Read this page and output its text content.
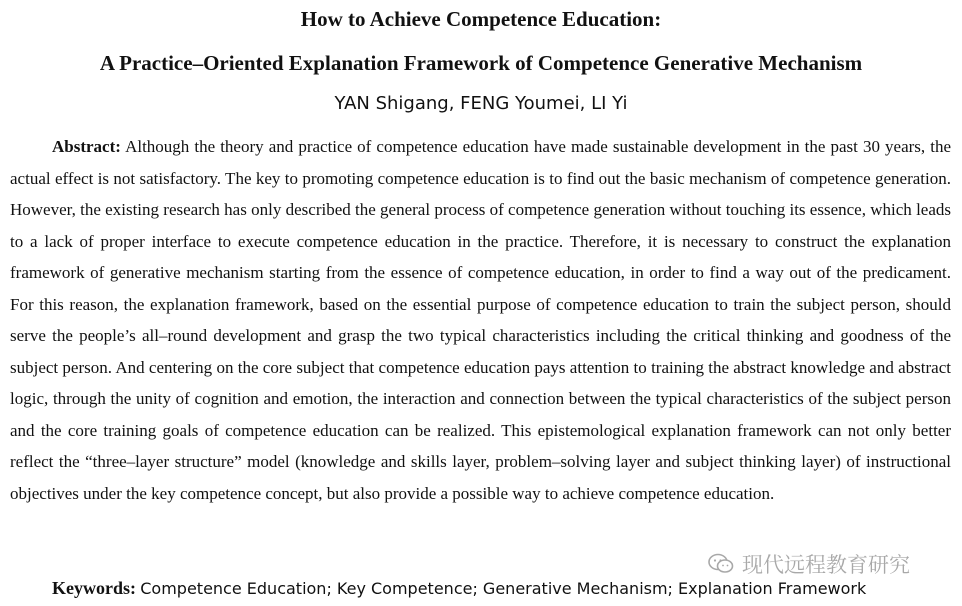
How to Achieve Competence Education:
A Practice–Oriented Explanation Framework of Competence Generative Mechanism
YAN Shigang, FENG Youmei, LI Yi

Abstract: Although the theory and practice of competence education have made sustainable development in the past 30 years, the actual effect is not satisfactory. The key to promoting competence education is to find out the basic mechanism of competence generation. However, the existing research has only described the general process of competence generation without touching its essence, which leads to a lack of proper interface to execute competence education in the practice. Therefore, it is necessary to construct the explanation framework of generative mechanism starting from the essence of competence education, in order to find a way out of the predicament. For this reason, the explanation framework, based on the essential purpose of competence education to train the subject person, should serve the people’s all–round development and grasp the two typical characteristics including the critical thinking and goodness of the subject person. And centering on the core subject that competence education pays attention to training the abstract knowledge and abstract logic, through the unity of cognition and emotion, the interaction and connection between the typical characteristics of the subject person and the core training goals of competence education can be realized. This epistemological explanation framework can not only better reflect the “three–layer structure” model (knowledge and skills layer, problem–solving layer and subject thinking layer) of instructional objectives under the key competence concept, but also provide a possible way to achieve competence education.

Keywords: Competence Education; Key Competence; Generative Mechanism; Explanation Framework

现代远程教育研究
